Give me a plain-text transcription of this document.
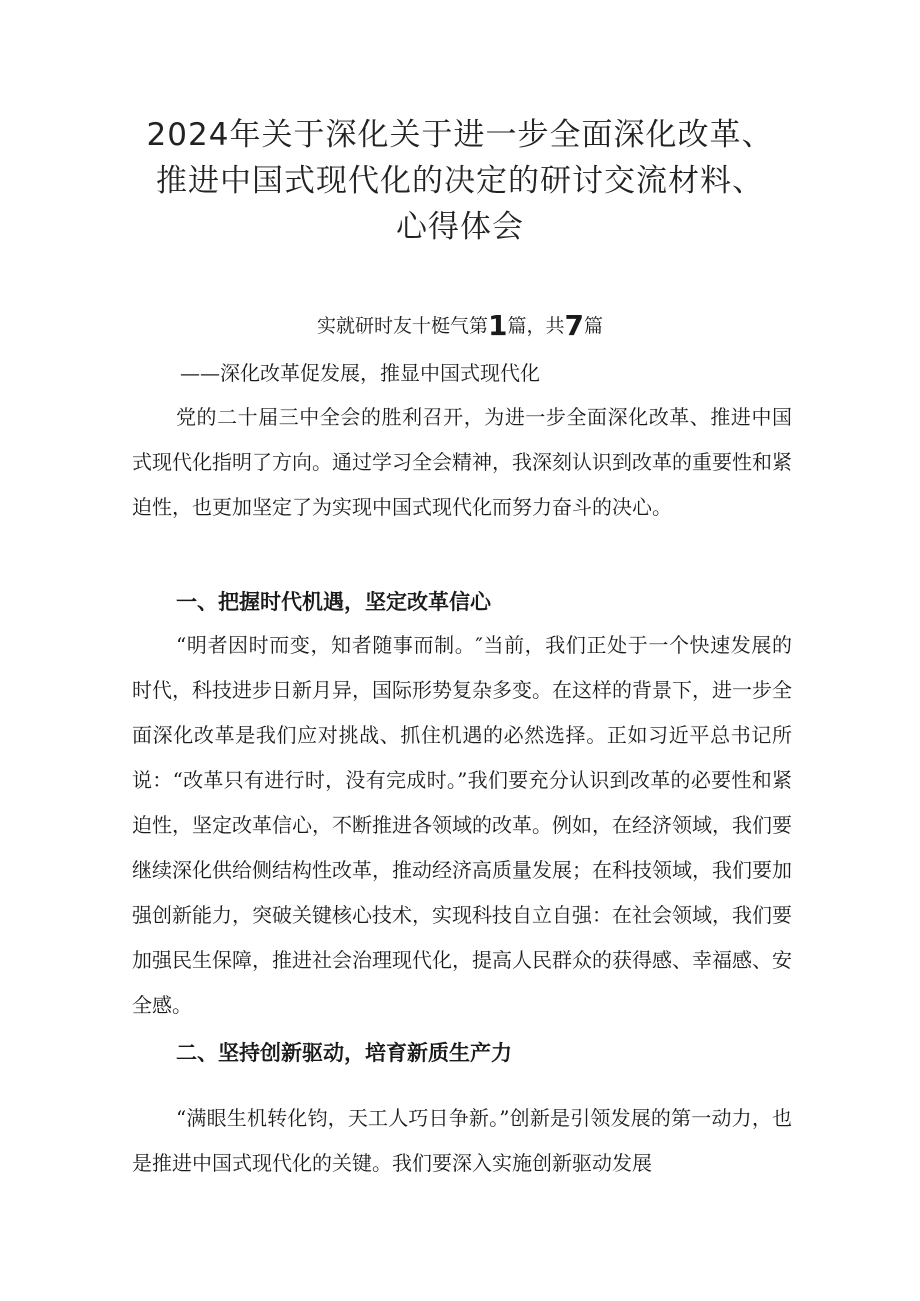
2024年关于深化关于进一步全面深化改革、
推进中国式现代化的决定的研讨交流材料、
心得体会
实就研时友十梃气第1篇，共7篇
——深化改革促发展，推显中国式现代化

党的二十届三中全会的胜利召开，为进一步全面深化改革、推进中国式现代化指明了方向。通过学习全会精神，我深刻认识到改革的重要性和紧迫性，也更加坚定了为实现中国式现代化而努力奋斗的决心。

一、把握时代机遇，坚定改革信心

“明者因时而变，知者随事而制。″当前，我们正处于一个快速发展的时代，科技进步日新月异，国际形势复杂多变。在这样的背景下，进一步全面深化改革是我们应对挑战、抓住机遇的必然选择。正如习近平总书记所说：“改革只有进行时，没有完成时。”我们要充分认识到改革的必要性和紧迫性，坚定改革信心，不断推进各领域的改革。例如，在经济领域，我们要继续深化供给侧结构性改革，推动经济高质量发展；在科技领域，我们要加强创新能力，突破关键核心技术，实现科技自立自强：在社会领域，我们要加强民生保障，推进社会治理现代化，提高人民群众的获得感、幸福感、安全感。

二、坚持创新驱动，培育新质生产力

“满眼生机转化钧，天工人巧日争新。”创新是引领发展的第一动力，也是推进中国式现代化的关键。我们要深入实施创新驱动发展
